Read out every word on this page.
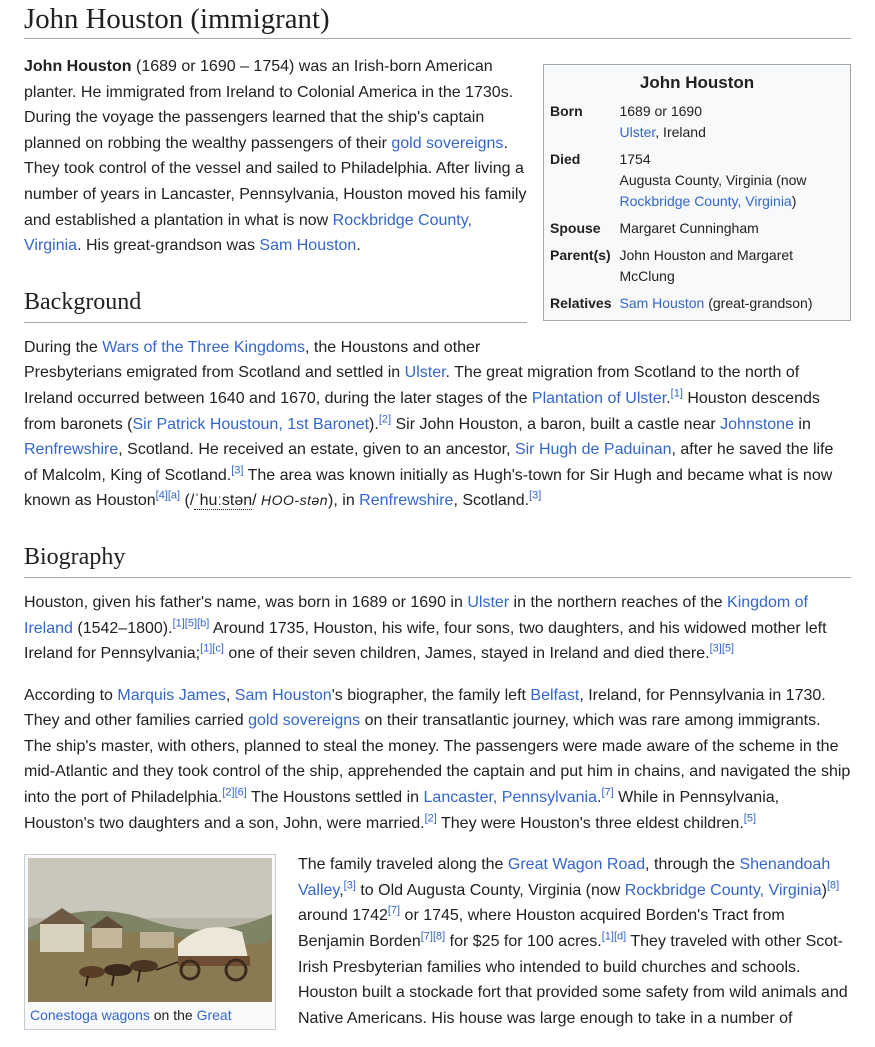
John Houston (immigrant)
John Houston
Born	1689 or 1690
Ulster, Ireland
Died	1754
Augusta County, Virginia (now Rockbridge County, Virginia)
Spouse	Margaret Cunningham
Parent(s)	John Houston and Margaret McClung
Relatives	Sam Houston (great-grandson)

John Houston (1689 or 1690 – 1754) was an Irish-born American planter. He immigrated from Ireland to Colonial America in the 1730s. During the voyage the passengers learned that the ship's captain planned on robbing the wealthy passengers of their gold sovereigns. They took control of the vessel and sailed to Philadelphia. After living a number of years in Lancaster, Pennsylvania, Houston moved his family and established a plantation in what is now Rockbridge County, Virginia. His great-grandson was Sam Houston.

Background

During the Wars of the Three Kingdoms, the Houstons and other Presbyterians emigrated from Scotland and settled in Ulster. The great migration from Scotland to the north of Ireland occurred between 1640 and 1670, during the later stages of the Plantation of Ulster.[1] Houston descends from baronets (Sir Patrick Houstoun, 1st Baronet).[2] Sir John Houston, a baron, built a castle near Johnstone in Renfrewshire, Scotland. He received an estate, given to an ancestor, Sir Hugh de Paduinan, after he saved the life of Malcolm, King of Scotland.[3] The area was known initially as Hugh's-town for Sir Hugh and became what is now known as Houston[4][a] (/ˈhuːstən/ HOO-stən), in Renfrewshire, Scotland.[3]

Biography

Houston, given his father's name, was born in 1689 or 1690 in Ulster in the northern reaches of the Kingdom of Ireland (1542–1800).[1][5][b] Around 1735, Houston, his wife, four sons, two daughters, and his widowed mother left Ireland for Pennsylvania;[1][c] one of their seven children, James, stayed in Ireland and died there.[3][5]

According to Marquis James, Sam Houston's biographer, the family left Belfast, Ireland, for Pennsylvania in 1730. They and other families carried gold sovereigns on their transatlantic journey, which was rare among immigrants. The ship's master, with others, planned to steal the money. The passengers were made aware of the scheme in the mid-Atlantic and they took control of the ship, apprehended the captain and put him in chains, and navigated the ship into the port of Philadelphia.[2][6] The Houstons settled in Lancaster, Pennsylvania.[7] While in Pennsylvania, Houston's two daughters and a son, John, were married.[2] They were Houston's three eldest children.[5]

Conestoga wagons on the Great

The family traveled along the Great Wagon Road, through the Shenandoah Valley,[3] to Old Augusta County, Virginia (now Rockbridge County, Virginia)[8] around 1742[7] or 1745, where Houston acquired Borden's Tract from Benjamin Borden[7][8] for $25 for 100 acres.[1][d] They traveled with other Scot-Irish Presbyterian families who intended to build churches and schools. Houston built a stockade fort that provided some safety from wild animals and Native Americans. His house was large enough to take in a number of
